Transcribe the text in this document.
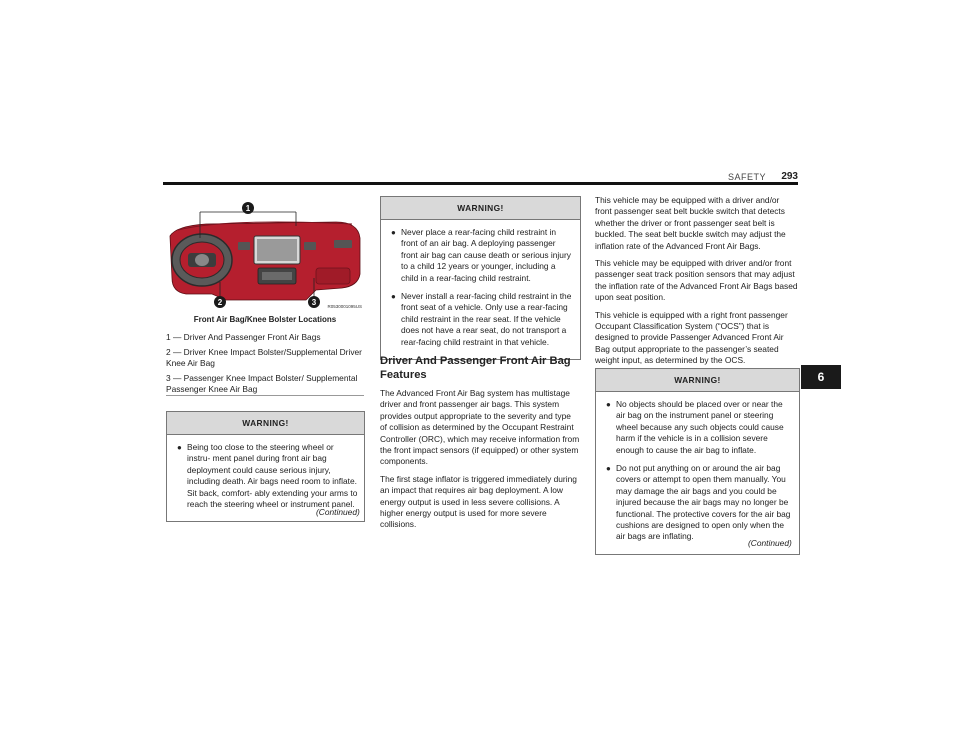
SAFETY 293
6
1
2	3 R0530001095US
Front Air Bag/Knee Bolster Locations
1 — Driver And Passenger Front Air Bags
2 — Driver Knee Impact Bolster/Supplemental Driver Knee Air Bag
3 — Passenger Knee Impact Bolster/ Supplemental Passenger Knee Air Bag
WARNING!
● Being too close to the steering wheel or instru- ment panel during front air bag deployment could cause serious injury, including death. Air bags need room to inflate. Sit back, comfort- ably extending your arms to reach the steering wheel or instrument panel.
(Continued)
WARNING!
● Never place a rear-facing child restraint in front of an air bag. A deploying passenger front air bag can cause death or serious injury to a child 12 years or younger, including a child in a rear-facing child restraint.
● Never install a rear-facing child restraint in the front seat of a vehicle. Only use a rear-facing child restraint in the rear seat. If the vehicle does not have a rear seat, do not transport a rear-facing child restraint in that vehicle.
Driver And Passenger Front Air Bag Features

The Advanced Front Air Bag system has multistage driver and front passenger air bags. This system provides output appropriate to the severity and type of collision as determined by the Occupant Restraint Controller (ORC), which may receive information from the front impact sensors (if equipped) or other system components.

The first stage inflator is triggered immediately during an impact that requires air bag deployment. A low energy output is used in less severe collisions. A higher energy output is used for more severe collisions.

This vehicle may be equipped with a driver and/or front passenger seat belt buckle switch that detects whether the driver or front passenger seat belt is buckled. The seat belt buckle switch may adjust the inflation rate of the Advanced Front Air Bags.

This vehicle may be equipped with driver and/or front passenger seat track position sensors that may adjust the inflation rate of the Advanced Front Air Bags based upon seat position.

This vehicle is equipped with a right front passenger Occupant Classification System (“OCS”) that is designed to provide Passenger Advanced Front Air Bag output appropriate to the passenger’s seated weight input, as determined by the OCS.

WARNING!
● No objects should be placed over or near the air bag on the instrument panel or steering wheel because any such objects could cause harm if the vehicle is in a collision severe enough to cause the air bag to inflate.
● Do not put anything on or around the air bag covers or attempt to open them manually. You may damage the air bags and you could be injured because the air bags may no longer be functional. The protective covers for the air bag cushions are designed to open only when the air bags are inflating.
(Continued)
